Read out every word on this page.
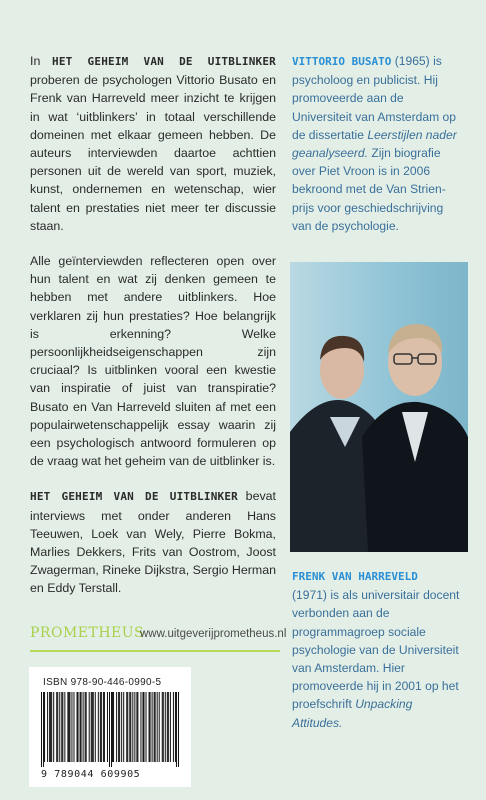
In HET GEHEIM VAN DE UITBLINKER proberen de psychologen Vittorio Busato en Frenk van Harreveld meer inzicht te krijgen in wat ‘uitblinkers’ in totaal verschillende domeinen met elkaar gemeen hebben. De auteurs interviewden daartoe achttien personen uit de wereld van sport, muziek, kunst, ondernemen en wetenschap, wier talent en prestaties niet meer ter discussie staan.

Alle geïnterviewden reflecteren open over hun talent en wat zij denken gemeen te hebben met andere uitblinkers. Hoe verklaren zij hun prestaties? Hoe belangrijk is erkenning? Welke persoonlijkheidseigenschappen zijn cruciaal? Is uitblinken vooral een kwestie van inspiratie of juist van transpiratie? Busato en Van Harreveld sluiten af met een populairwetenschappelijk essay waarin zij een psychologisch antwoord formuleren op de vraag wat het geheim van de uitblinker is.

HET GEHEIM VAN DE UITBLINKER bevat interviews met onder anderen Hans Teeuwen, Loek van Wely, Pierre Bokma, Marlies Dekkers, Frits van Oostrom, Joost Zwagerman, Rineke Dijkstra, Sergio Herman en Eddy Terstall.

VITTORIO BUSATO (1965) is psycholoog en publicist. Hij promoveerde aan de Universiteit van Amsterdam op de dissertatie Leerstijlen nader geanalyseerd. Zijn biografie over Piet Vroon is in 2006 bekroond met de Van Strien-prijs voor geschiedschrijving van de psychologie.
FRENK VAN HARREVELD
(1971) is als universitair docent verbonden aan de programmagroep sociale psychologie van de Universiteit van Amsterdam. Hier promoveerde hij in 2001 op het proefschrift Unpacking Attitudes.
PROMETHEUS
www.uitgeverijprometheus.nl
ISBN 978-90-446-0990-5
9 789044 609905
